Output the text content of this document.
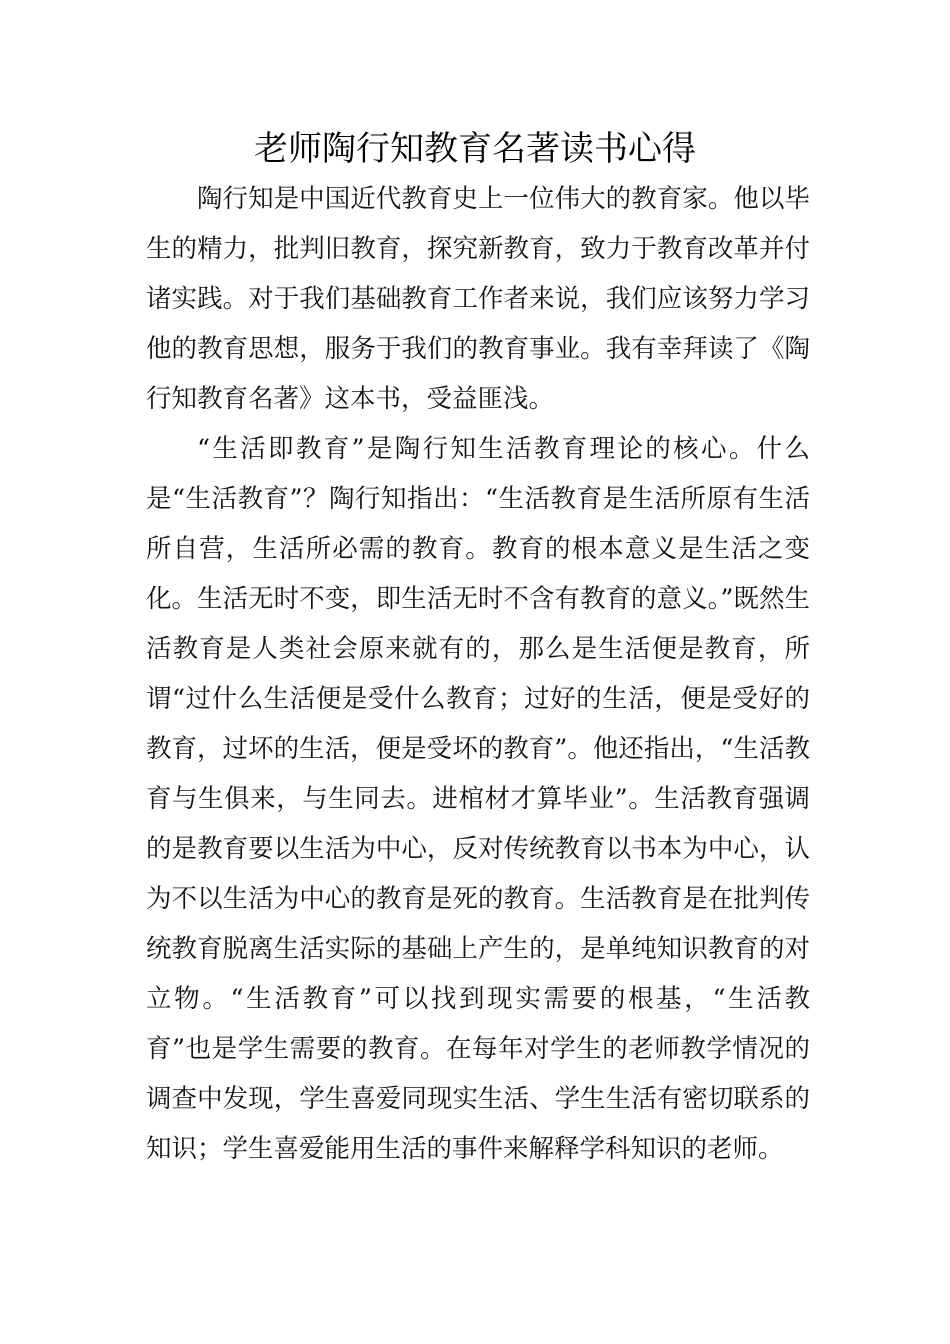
老师陶行知教育名著读书心得

陶行知是中国近代教育史上一位伟大的教育家。他以毕生的精力，批判旧教育，探究新教育，致力于教育改革并付诸实践。对于我们基础教育工作者来说，我们应该努力学习他的教育思想，服务于我们的教育事业。我有幸拜读了《陶行知教育名著》这本书，受益匪浅。

“生活即教育”是陶行知生活教育理论的核心。什么是“生活教育”？陶行知指出：“生活教育是生活所原有生活所自营，生活所必需的教育。教育的根本意义是生活之变化。生活无时不变，即生活无时不含有教育的意义。”既然生活教育是人类社会原来就有的，那么是生活便是教育，所谓“过什么生活便是受什么教育；过好的生活，便是受好的教育，过坏的生活，便是受坏的教育”。他还指出，“生活教育与生俱来，与生同去。进棺材才算毕业”。生活教育强调的是教育要以生活为中心，反对传统教育以书本为中心，认为不以生活为中心的教育是死的教育。生活教育是在批判传统教育脱离生活实际的基础上产生的，是单纯知识教育的对立物。“生活教育”可以找到现实需要的根基，“生活教育”也是学生需要的教育。在每年对学生的老师教学情况的调查中发现，学生喜爱同现实生活、学生生活有密切联系的知识；学生喜爱能用生活的事件来解释学科知识的老师。
